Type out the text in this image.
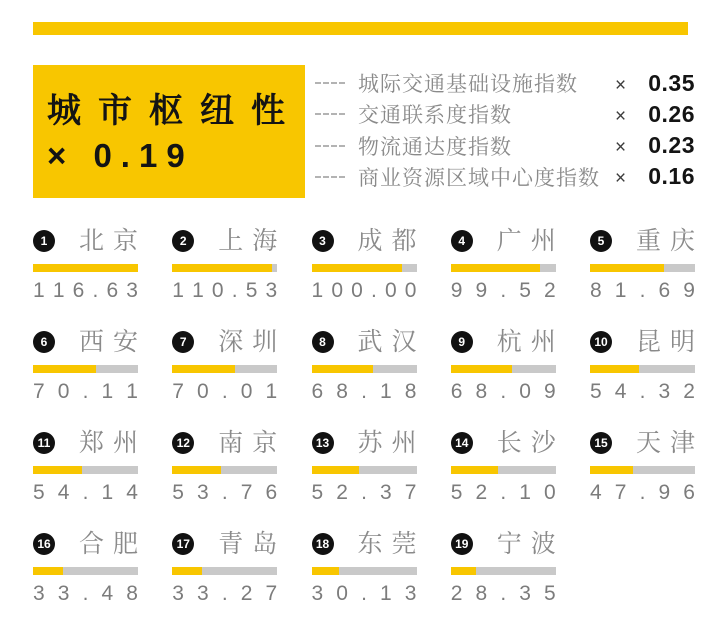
城市枢纽性
× 0.19
城际交通基础设施指数	× 0.35
交通联系度指数	× 0.26
物流通达度指数	× 0.23
商业资源区域中心度指数 × 0.16
1	北 京
1 1 6 . 6 3
2	上 海
1 1 0 . 5 3
3	成 都
1 0 0 . 0 0
4	广 州
9 9 . 5 2
5	重 庆
8 1 . 6 9
6	西 安
7 0 . 1 1
7	深 圳
7 0 . 0 1
8	武 汉
6 8 . 1 8
9	杭 州
6 8 . 0 9
10 昆 明
5 4 . 3 2
11 郑 州
5 4 . 1 4
12 南 京
5 3 . 7 6
13 苏 州
5 2 . 3 7
14 长 沙
5 2 . 1 0
15 天 津
4 7 . 9 6
16 合 肥
3 3 . 4 8
17 青 岛
3 3 . 2 7
18 东 莞
3 0 . 1 3
19 宁 波
2 8 . 3 5
